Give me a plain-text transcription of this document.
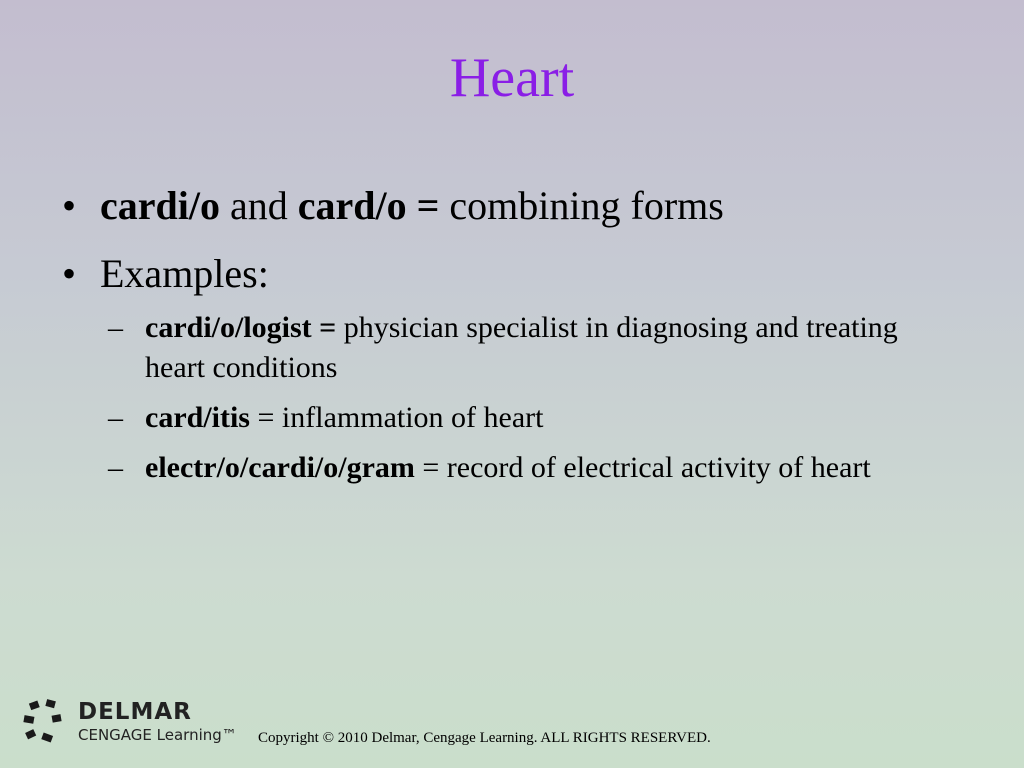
Heart
• cardi/o and card/o = combining forms
• Examples:
– cardi/o/logist = physician specialist in diagnosing and treating heart conditions
– card/itis = inflammation of heart
– electr/o/cardi/o/gram = record of electrical activity of heart
DELMAR
CENGAGE Learning™ Copyright © 2010 Delmar, Cengage Learning. ALL RIGHTS RESERVED.
